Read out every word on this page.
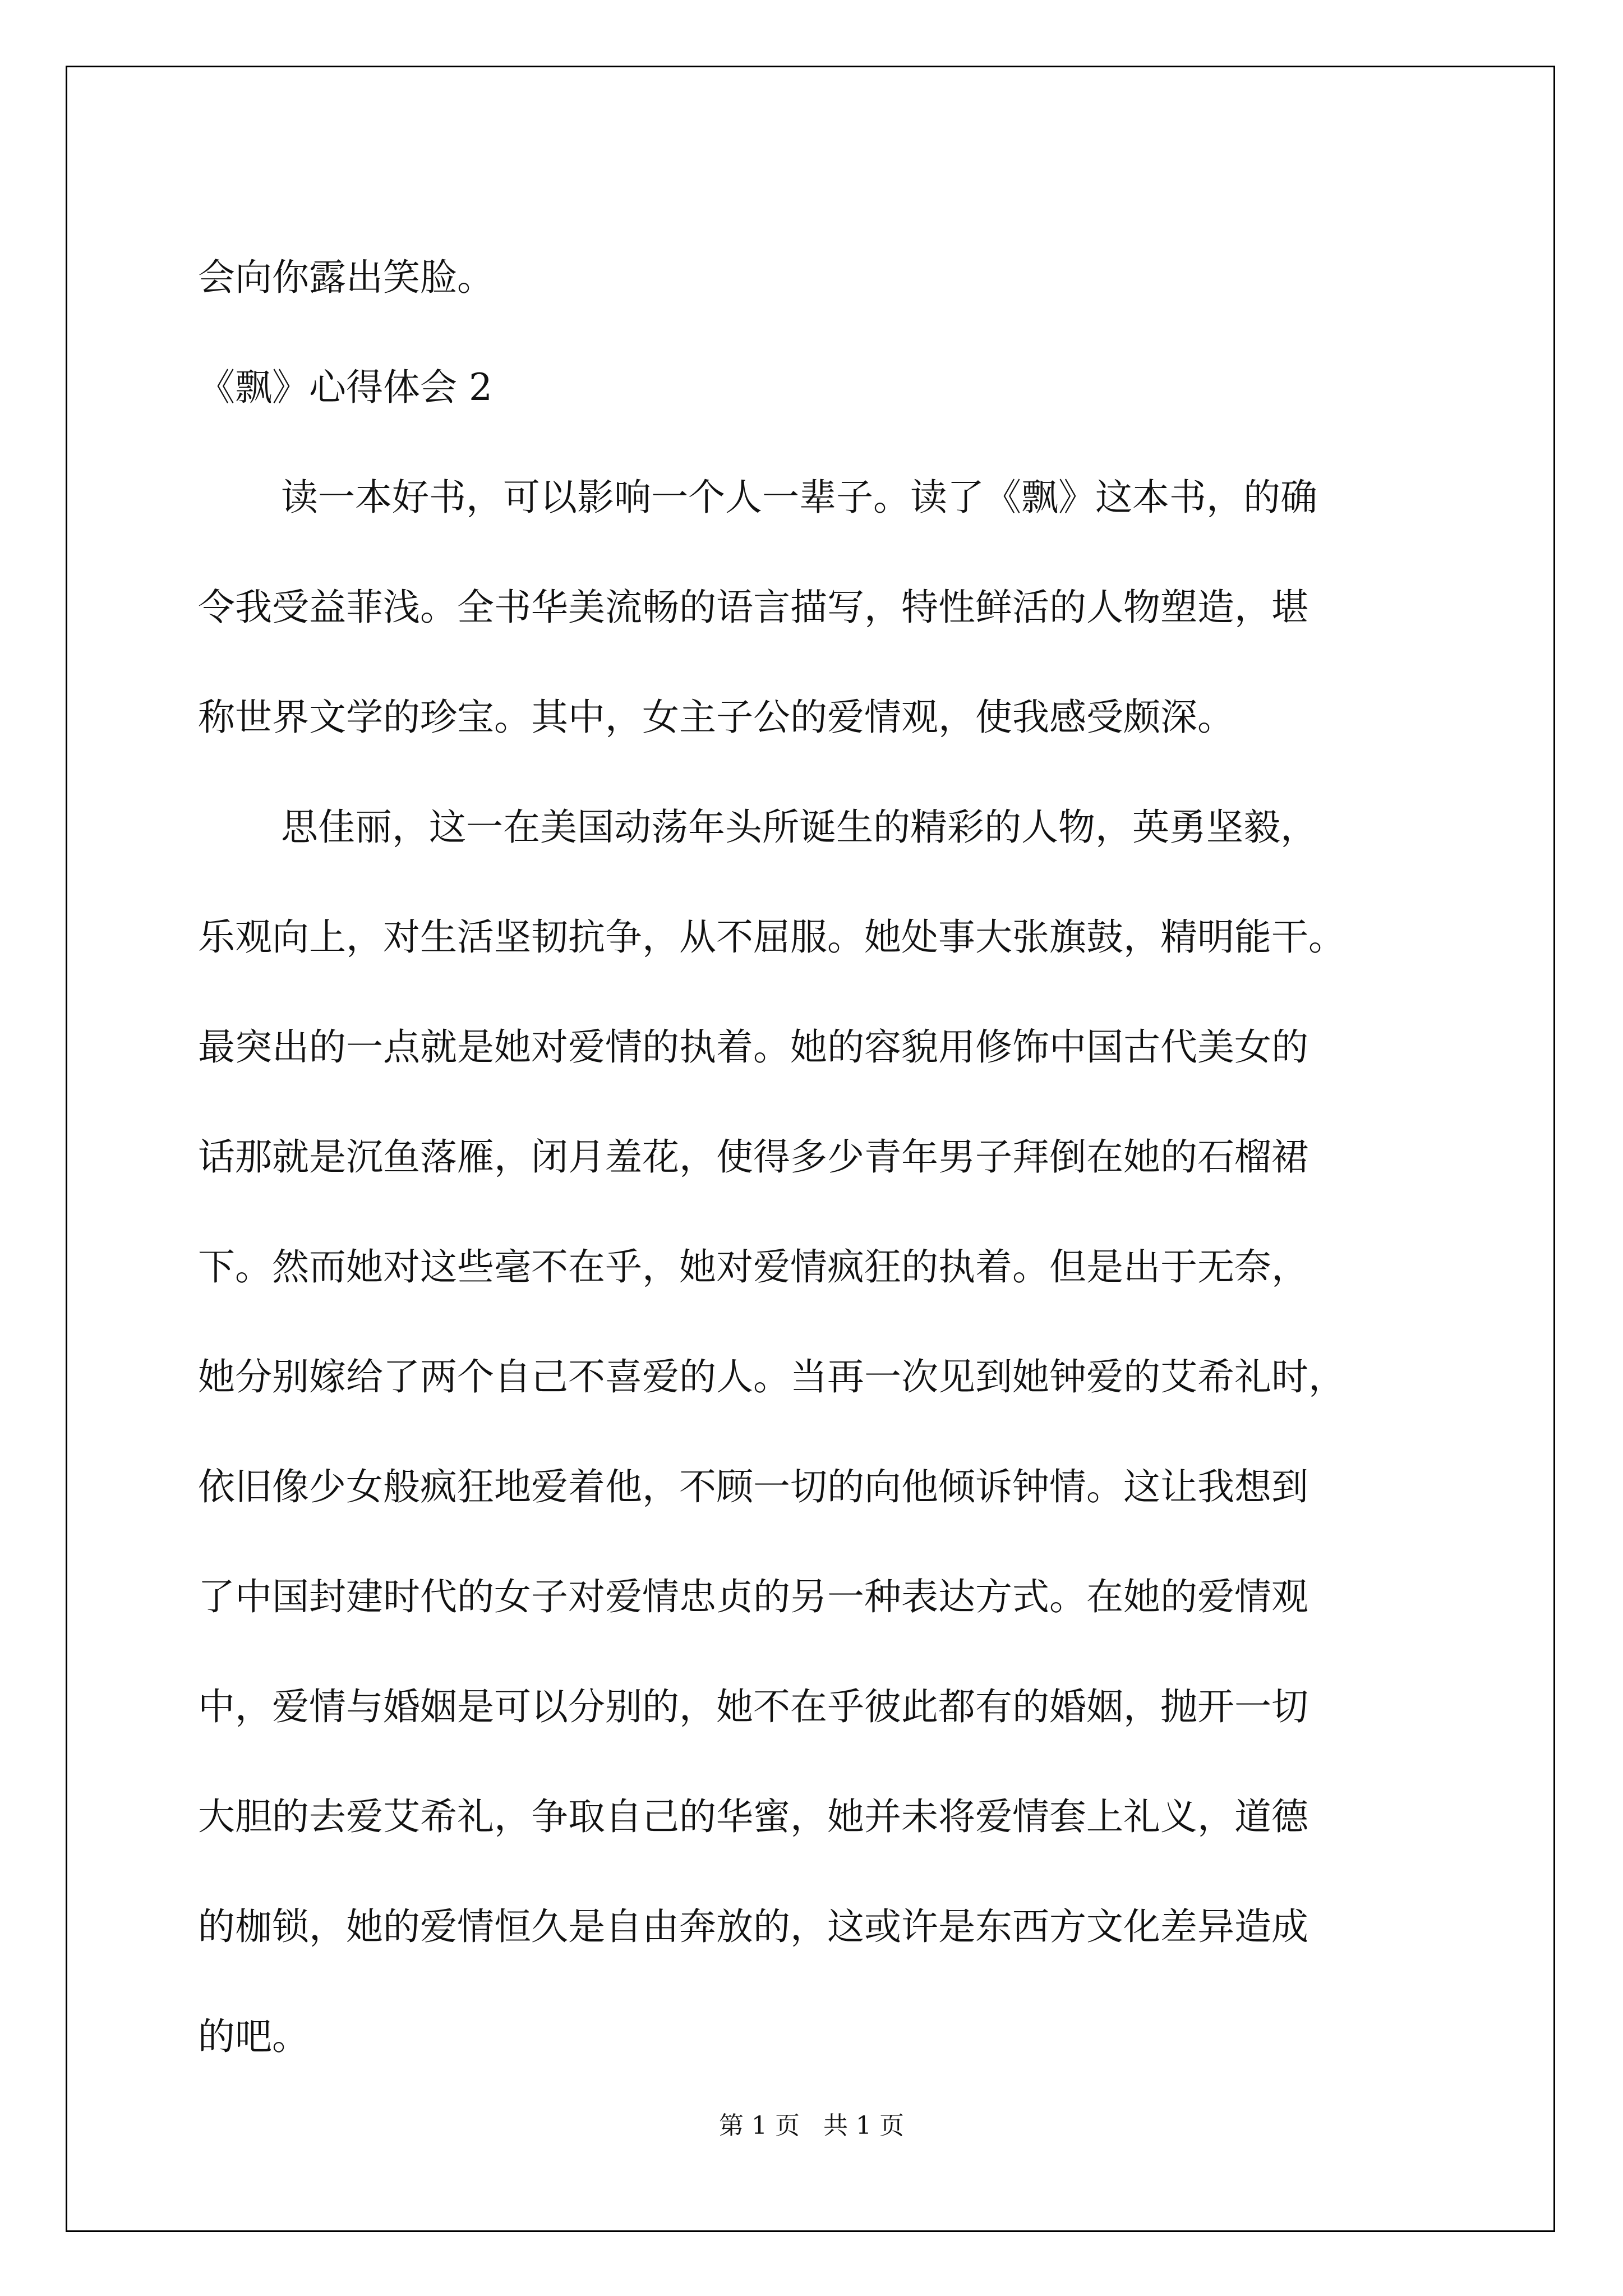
会向你露出笑脸。
《飘》心得体会 2
读一本好书，可以影响一个人一辈子。读了《飘》这本书，的确
令我受益菲浅。全书华美流畅的语言描写，特性鲜活的人物塑造，堪
称世界文学的珍宝。其中，女主子公的爱情观，使我感受颇深。
思佳丽，这一在美国动荡年头所诞生的精彩的人物，英勇坚毅，
乐观向上，对生活坚韧抗争，从不屈服。她处事大张旗鼓，精明能干。
最突出的一点就是她对爱情的执着。她的容貌用修饰中国古代美女的
话那就是沉鱼落雁，闭月羞花，使得多少青年男子拜倒在她的石榴裙
下。然而她对这些毫不在乎，她对爱情疯狂的执着。但是出于无奈，
她分别嫁给了两个自己不喜爱的人。当再一次见到她钟爱的艾希礼时，
依旧像少女般疯狂地爱着他，不顾一切的向他倾诉钟情。这让我想到
了中国封建时代的女子对爱情忠贞的另一种表达方式。在她的爱情观
中，爱情与婚姻是可以分别的，她不在乎彼此都有的婚姻，抛开一切
大胆的去爱艾希礼，争取自己的华蜜，她并未将爱情套上礼义，道德
的枷锁，她的爱情恒久是自由奔放的，这或许是东西方文化差异造成
的吧。
第 1 页   共 1 页
